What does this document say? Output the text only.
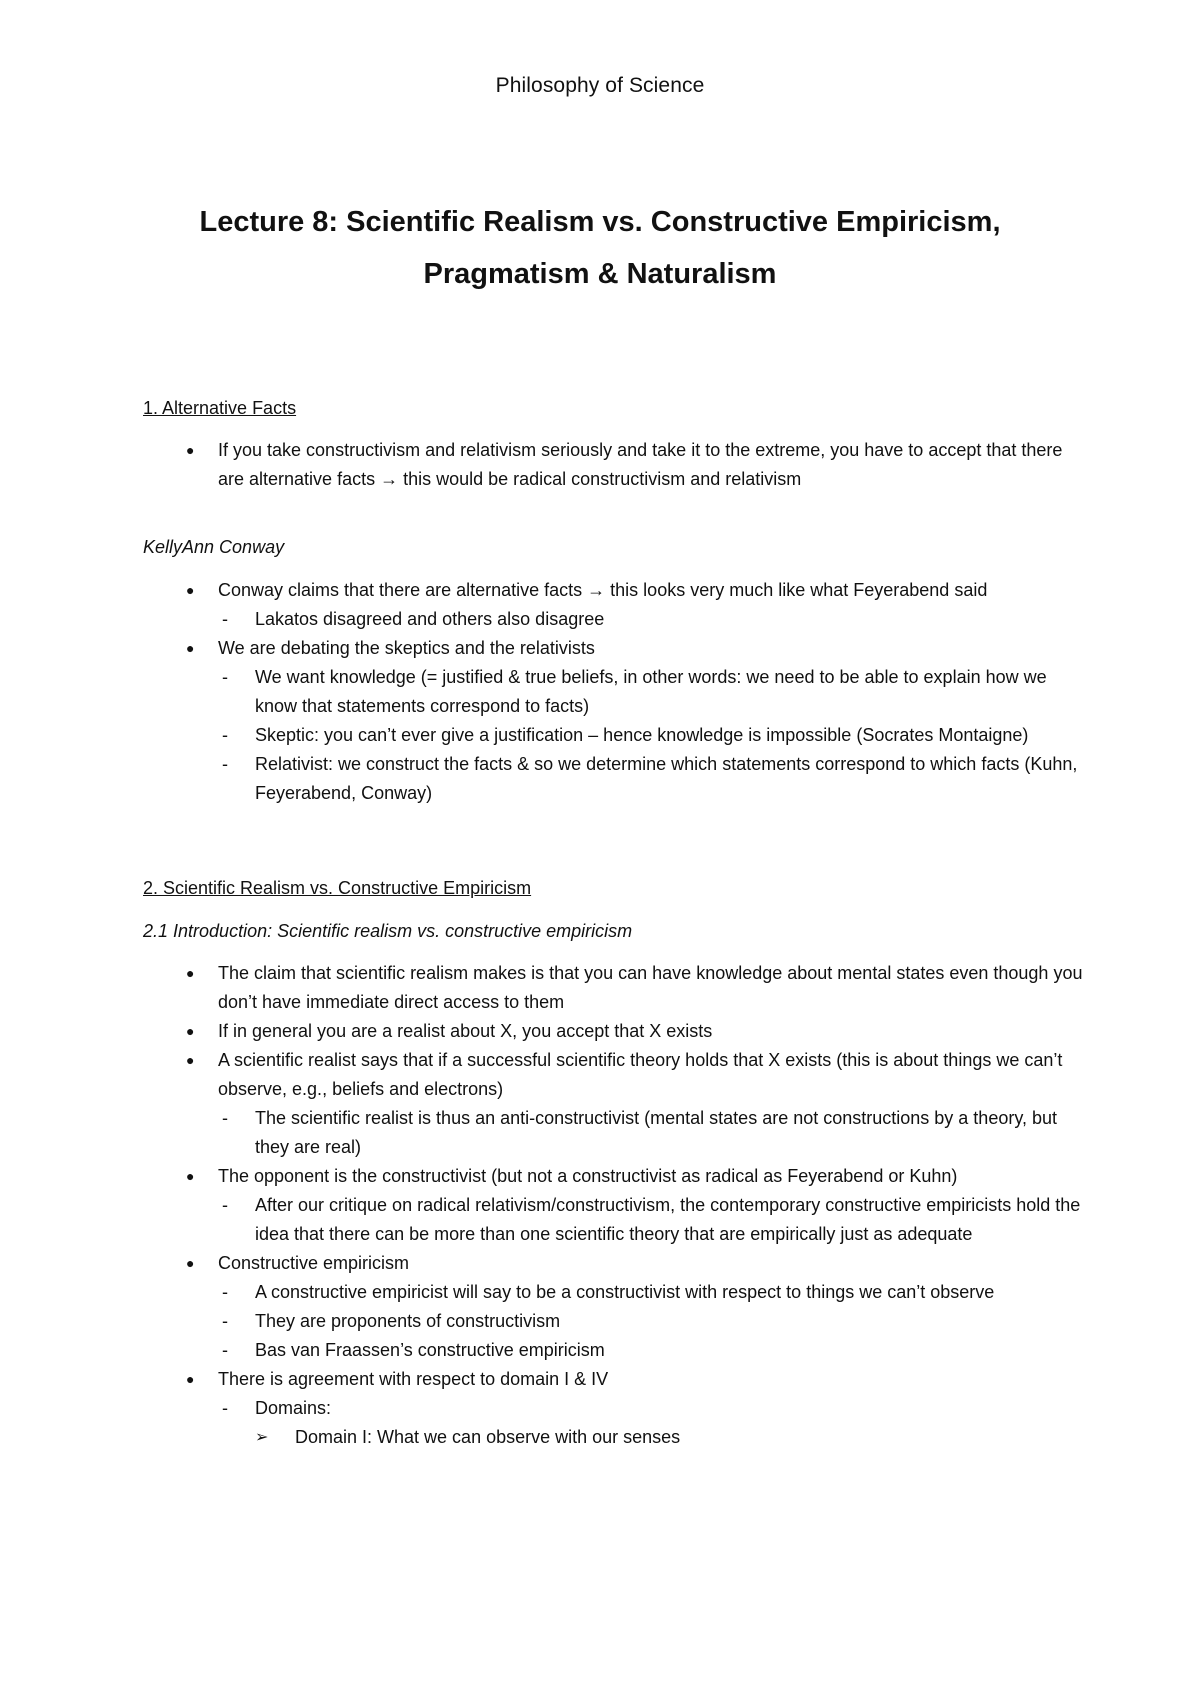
Philosophy of Science
Lecture 8: Scientific Realism vs. Constructive Empiricism,
Pragmatism & Naturalism
1. Alternative Facts
● If you take constructivism and relativism seriously and take it to the extreme, you have to accept that there are alternative facts → this would be radical constructivism and relativism
KellyAnn Conway
● Conway claims that there are alternative facts → this looks very much like what Feyerabend said
- Lakatos disagreed and others also disagree
● We are debating the skeptics and the relativists
- We want knowledge (= justified & true beliefs, in other words: we need to be able to explain how we know that statements correspond to facts)
- Skeptic: you can’t ever give a justification – hence knowledge is impossible (Socrates Montaigne)
- Relativist: we construct the facts & so we determine which statements correspond to which facts (Kuhn, Feyerabend, Conway)
2. Scientific Realism vs. Constructive Empiricism
2.1 Introduction: Scientific realism vs. constructive empiricism
● The claim that scientific realism makes is that you can have knowledge about mental states even though you don’t have immediate direct access to them
● If in general you are a realist about X, you accept that X exists
● A scientific realist says that if a successful scientific theory holds that X exists (this is about things we can’t observe, e.g., beliefs and electrons)
- The scientific realist is thus an anti-constructivist (mental states are not constructions by a theory, but they are real)
● The opponent is the constructivist (but not a constructivist as radical as Feyerabend or Kuhn)
- After our critique on radical relativism/constructivism, the contemporary constructive empiricists hold the idea that there can be more than one scientific theory that are empirically just as adequate
● Constructive empiricism
- A constructive empiricist will say to be a constructivist with respect to things we can’t observe
- They are proponents of constructivism
- Bas van Fraassen’s constructive empiricism
● There is agreement with respect to domain I & IV
- Domains:
➢ Domain I: What we can observe with our senses
